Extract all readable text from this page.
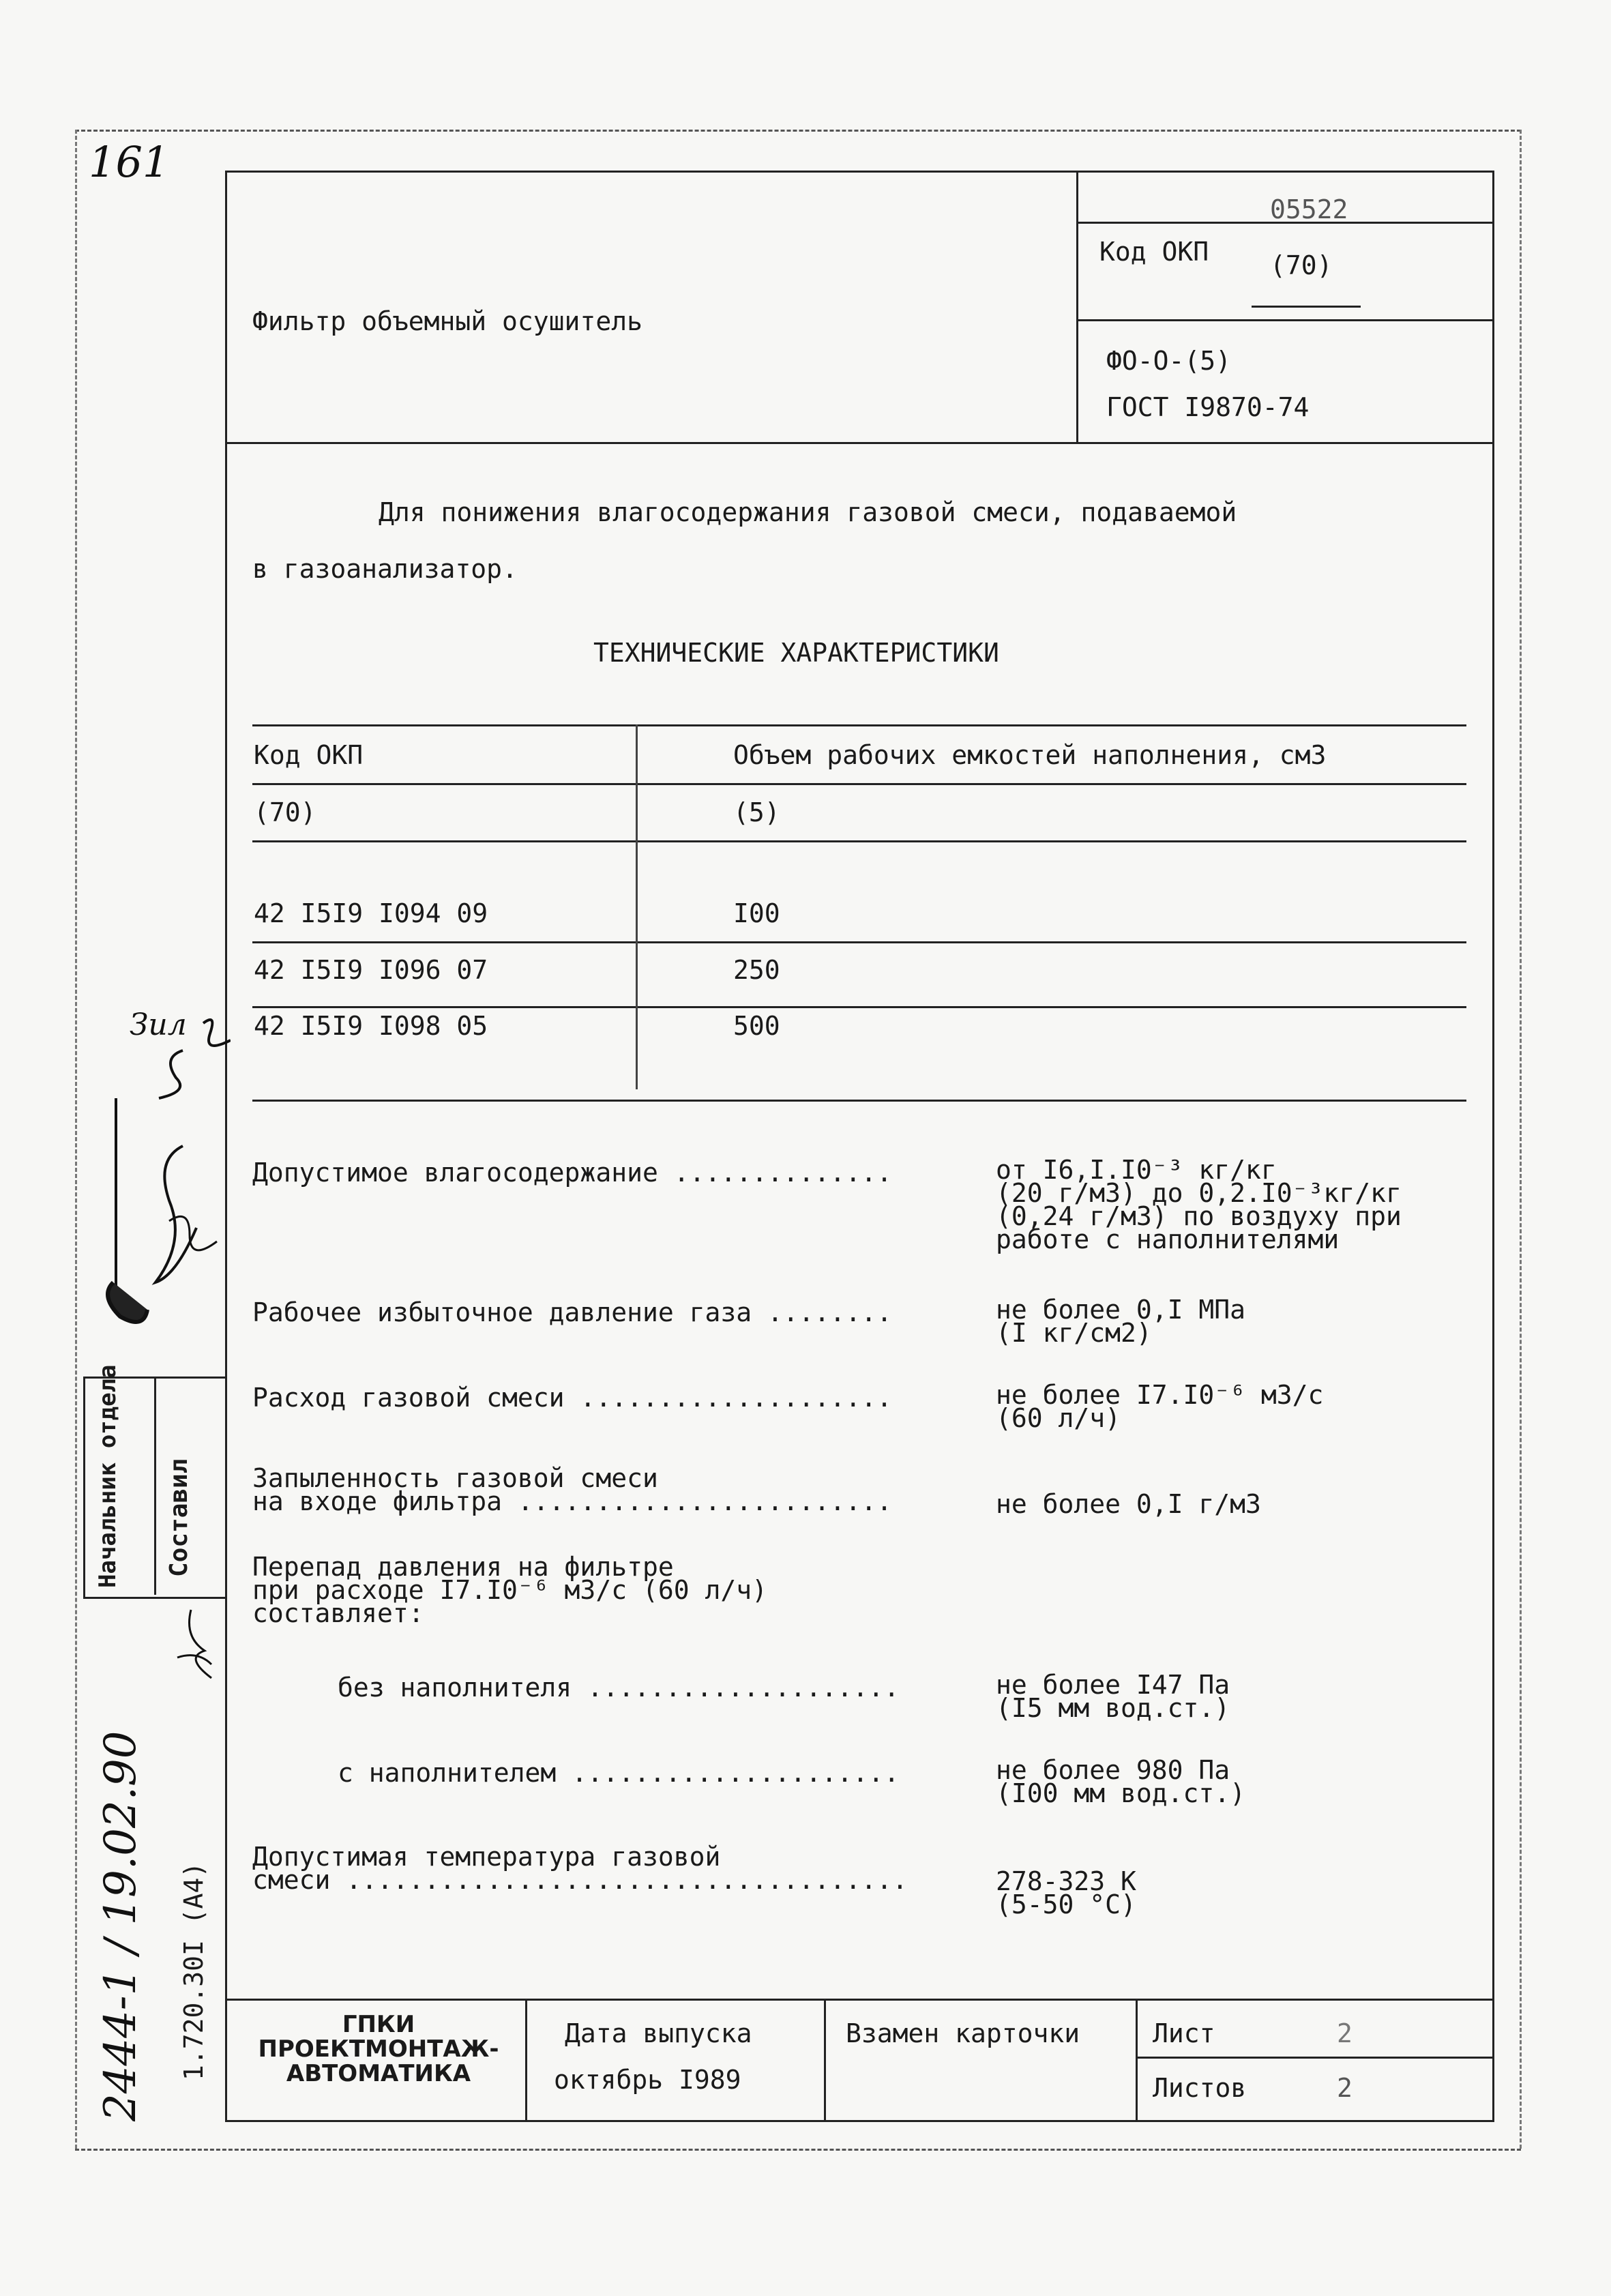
161
Фильтр объемный осушитель
05522
Код ОКП (70)
ФО-О-(5)
ГОСТ I9870-74
Для понижения влагосодержания газовой смеси, подаваемой
в газоанализатор.
ТЕХНИЧЕСКИЕ ХАРАКТЕРИСТИКИ
Код ОКП	Объем рабочих емкостей наполнения, см3
(70)	(5)
42 I5I9 I094 09	I00
42 I5I9 I096 07	250
42 I5I9 I098 05	500
Допустимое влагосодержание ..............	от I6,I.I0⁻³ кг/кг
(20 г/м3) до 0,2.I0⁻³кг/кг
(0,24 г/м3) по воздуху при
работе с наполнителями
Рабочее избыточное давление газа ........	не более 0,I МПа
(I кг/см2)
Расход газовой смеси ....................	не более I7.I0⁻⁶ м3/с
(60 л/ч)
Запыленность газовой смеси
на входе фильтра ........................	не более 0,I г/м3
Перепад давления на фильтре
при расходе I7.I0⁻⁶ м3/с (60 л/ч)
составляет:
без наполнителя ....................	не более I47 Па
(I5 мм вод.ст.)
с наполнителем .....................	не более 980 Па
(I00 мм вод.ст.)
Допустимая температура газовой
смеси ....................................	278-323 К
(5-50 °С)
Начальник отдела Составил
1.720.30I (А4)
2444-1 / 19.02.90
Зил
ГПКИ
ПРОЕКТМОНТАЖ-
АВТОМАТИКА
Дата выпуска
октябрь I989
Взамен карточки	Лист	2
Листов	2
